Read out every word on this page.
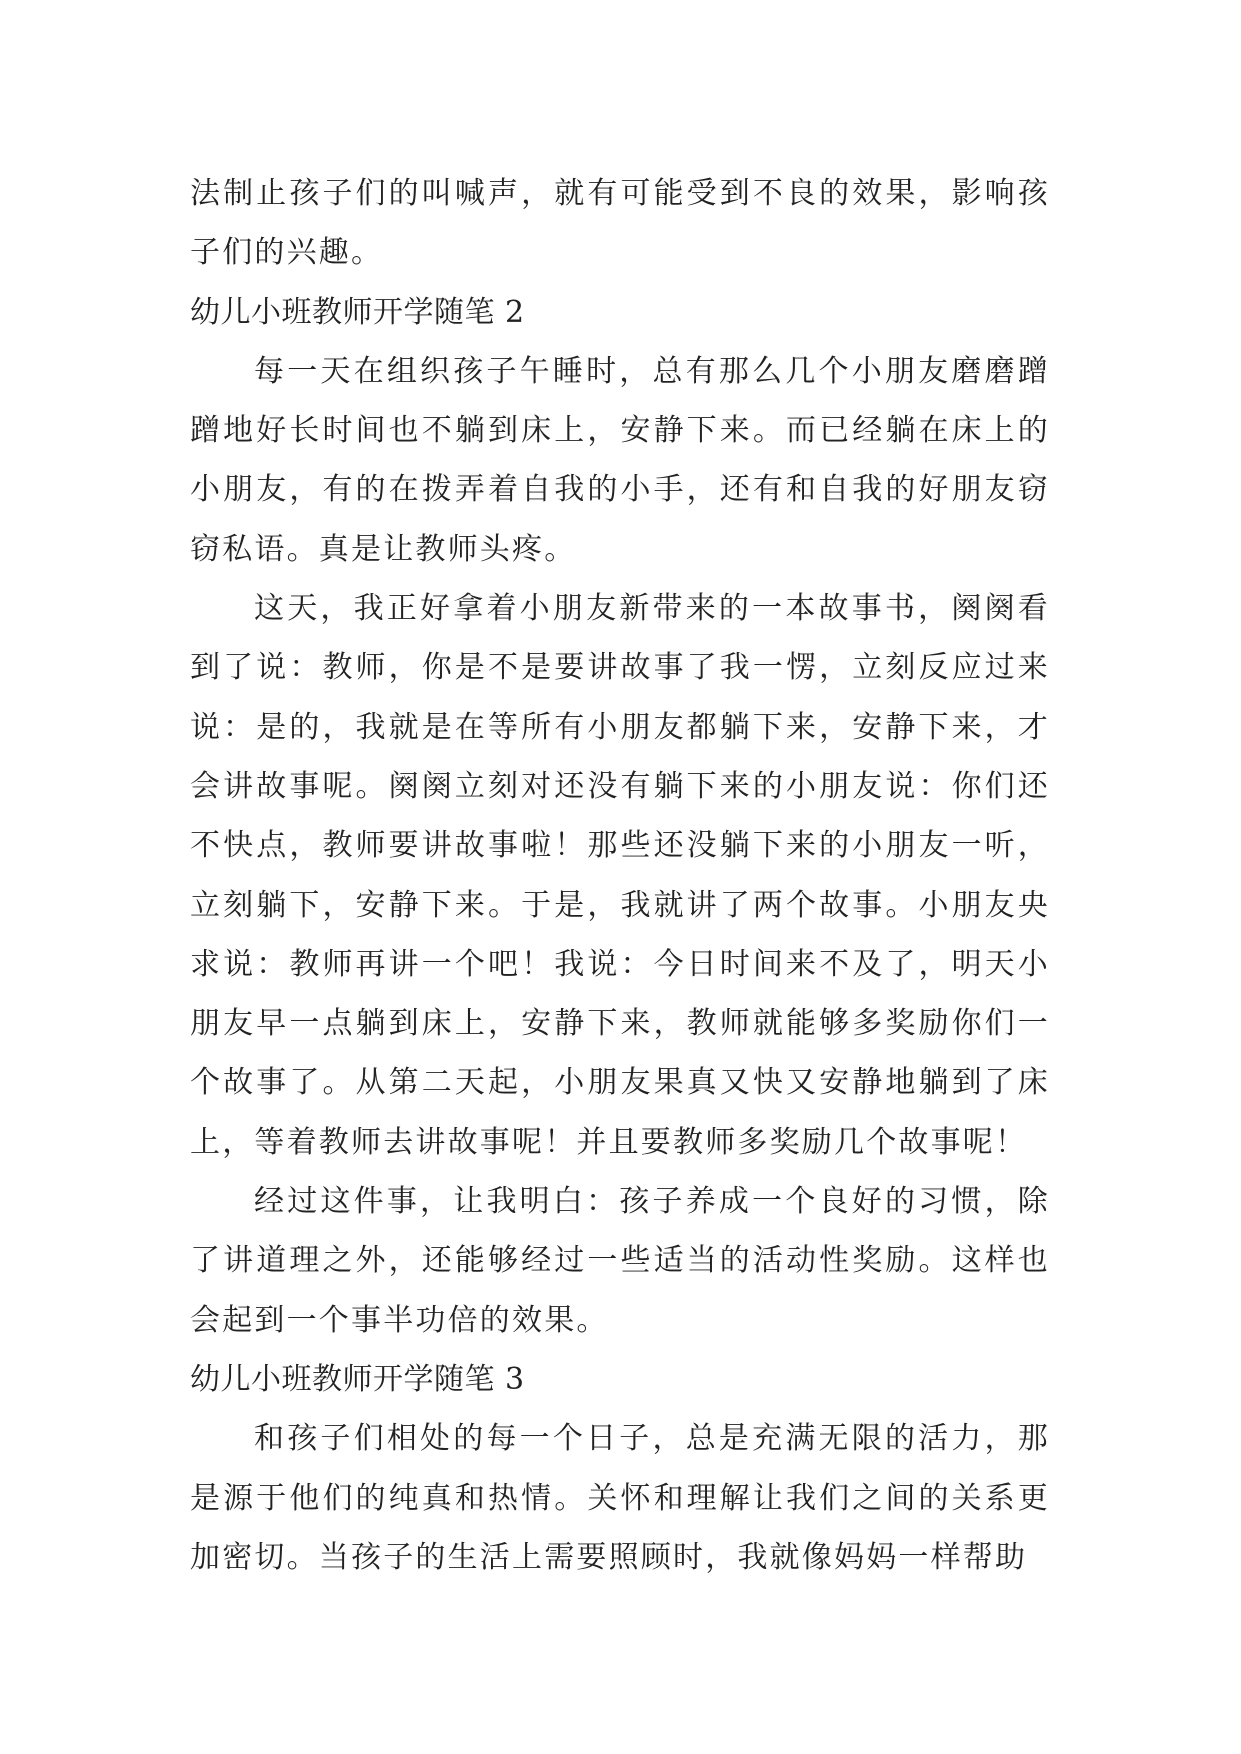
法制止孩子们的叫喊声，就有可能受到不良的效果，影响孩子们的兴趣。

幼儿小班教师开学随笔 2

每一天在组织孩子午睡时，总有那么几个小朋友磨磨蹭蹭地好长时间也不躺到床上，安静下来。而已经躺在床上的小朋友，有的在拨弄着自我的小手，还有和自我的好朋友窃窃私语。真是让教师头疼。

这天，我正好拿着小朋友新带来的一本故事书，阕阕看到了说：教师，你是不是要讲故事了我一愣，立刻反应过来说：是的，我就是在等所有小朋友都躺下来，安静下来，才会讲故事呢。阕阕立刻对还没有躺下来的小朋友说：你们还不快点，教师要讲故事啦！那些还没躺下来的小朋友一听，立刻躺下，安静下来。于是，我就讲了两个故事。小朋友央求说：教师再讲一个吧！我说：今日时间来不及了，明天小朋友早一点躺到床上，安静下来，教师就能够多奖励你们一个故事了。从第二天起，小朋友果真又快又安静地躺到了床上，等着教师去讲故事呢！并且要教师多奖励几个故事呢！

经过这件事，让我明白：孩子养成一个良好的习惯，除了讲道理之外，还能够经过一些适当的活动性奖励。这样也会起到一个事半功倍的效果。

幼儿小班教师开学随笔 3

和孩子们相处的每一个日子，总是充满无限的活力，那是源于他们的纯真和热情。关怀和理解让我们之间的关系更加密切。当孩子的生活上需要照顾时，我就像妈妈一样帮助
